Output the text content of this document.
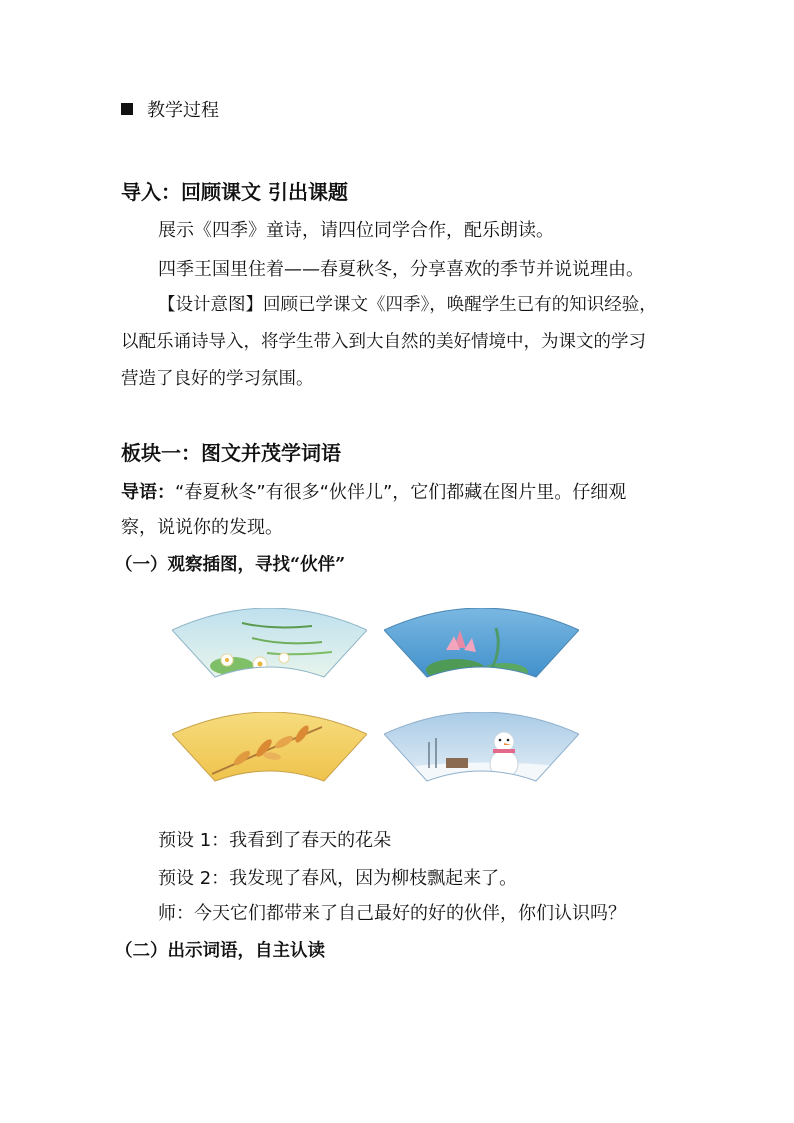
教学过程
导入：回顾课文 引出课题
展示《四季》童诗，请四位同学合作，配乐朗读。
四季王国里住着——春夏秋冬，分享喜欢的季节并说说理由。
【设计意图】回顾已学课文《四季》，唤醒学生已有的知识经验，
以配乐诵诗导入，将学生带入到大自然的美好情境中，为课文的学习
营造了良好的学习氛围。
板块一：图文并茂学词语
导语：“春夏秋冬”有很多“伙伴儿”，它们都藏在图片里。仔细观
察，说说你的发现。
（一）观察插图，寻找“伙伴”
预设 1：我看到了春天的花朵
预设 2：我发现了春风，因为柳枝飘起来了。
师：今天它们都带来了自己最好的好的伙伴，你们认识吗？
（二）出示词语，自主认读
